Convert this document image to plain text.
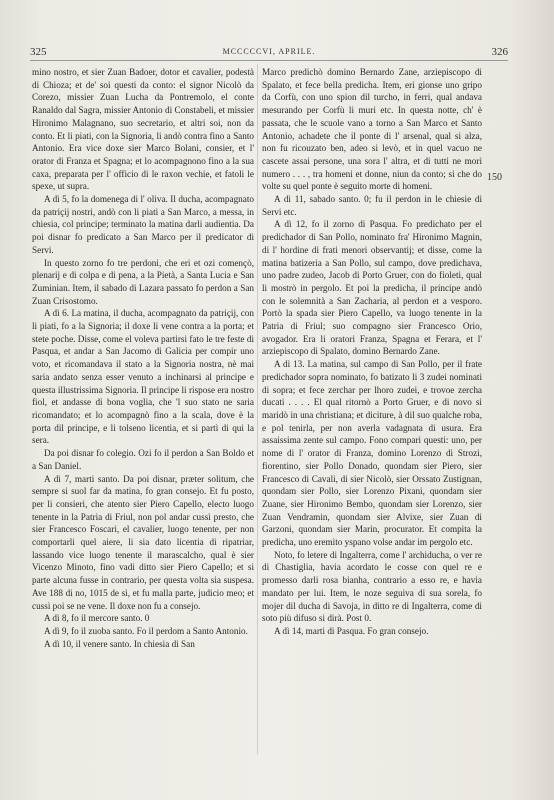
325	MCCCCCVI, APRILE.	326

mino nostro, et sier Zuan Badoer, dotor et cavalier, podestà di Chioza; et de' soi questi da conto: el signor Nicolò da Corezo, missier Zuan Lucha da Pontremolo, el conte Ranaldo dal Sagra, missier Antonio di Constabeli, et missier Hironimo Malagnano, suo secretario, et altri soi, non da conto. Et li piati, con la Signoria, li andò contra fino a Santo Antonio. Era vice doxe sier Marco Bolani, consier, et l' orator di Franza et Spagna; et lo acompagnono fino a la sua caxa, preparata per l' officio di le raxon vechie, et fatoli le spexe, ut supra.

A dì 5, fo la domenega di l' oliva. Il ducha, acompagnato da patriçij nostri, andò con li piati a San Marco, a messa, in chiesia, col principe; terminato la matina darli audientia. Da poi disnar fo predicato a San Marco per il predicator di Servi.

In questo zorno fo tre perdoni, che eri et ozi començò, plenarij e di colpa e di pena, a la Pietà, a Santa Lucia e San Zuminian. Item, il sabado di Lazara passato fo perdon a San Zuan Crisostomo.

A dì 6. La matina, il ducha, acompagnato da patriçij, con li piati, fo a la Signoria; il doxe li vene contra a la porta; et stete poche. Disse, come el voleva partirsi fato le tre feste di Pasqua, et andar a San Jacomo di Galicia per compir uno voto, et ricomandava il stato a la Signoria nostra, nè mai saria andato senza esser venuto a inchinarsi al principe e questa illustrissima Signoria. Il principe li rispose era nostro fiol, et andasse di bona voglia, che 'l suo stato ne saria ricomandato; et lo acompagnò fino a la scala, dove è la porta dil principe, e li tolseno licentia, et si partì di qui la sera.

Da poi disnar fo colegio. Ozi fo il perdon a San Boldo et a San Daniel.

A dì 7, marti santo. Da poi disnar, præter solitum, che sempre si suol far da matina, fo gran consejo. Et fu posto, per li consieri, che atento sier Piero Capello, electo luogo tenente in la Patria di Friul, non pol andar cussì presto, che sier Francesco Foscari, el cavalier, luogo tenente, per non comportarli quel aiere, li sia dato licentia di ripatriar, lassando vice luogo tenente il marascalcho, qual è sier Vicenzo Minoto, fino vadi ditto sier Piero Capello; et si parte alcuna fusse in contrario, per questa volta sia suspesa. Ave 188 di no, 1015 de sì, et fu malla parte, judicio meo; et cussì poi se ne vene. Il doxe non fu a consejo.

A dì 8, fo il mercore santo. 0

A dì 9, fo il zuoba santo. Fo il perdom a Santo Antonio.

A dì 10, il venere santo. In chiesia di San

Marco predichò domino Bernardo Zane, arziepiscopo di Spalato, et fece bella predicha. Item, eri gionse uno gripo da Corfù, con uno spion dil turcho, in ferri, qual andava mesurando per Corfù li muri etc. In questa notte, ch' è passata, che le scuole vano a torno a San Marco et Santo Antonio, achadete che il ponte di l' arsenal, qual si alza, non fu ricouzato ben, adeo si levò, et in quel vacuo ne cascete assai persone, una sora l' altra, et di tutti ne morì numero . . . , tra homeni et donne, niun da conto; si che do volte su quel ponte è seguito morte di homeni.

A dì 11, sabado santo. 0; fu il perdon in le chiesie di Servi etc.

A dì 12, fo il zorno di Pasqua. Fo predichato per el predichador di San Pollo, nominato fra' Hironimo Magnin, di l' hordine di frati menori observantij; et disse, come la matina batizeria a San Pollo, sul campo, dove predichava, uno padre zudeo, Jacob di Porto Gruer, con do fioleti, qual li mostrò in pergolo. Et poi la predicha, il principe andò con le solemnità a San Zacharia, al perdon et a vesporo. Portò la spada sier Piero Capello, va luogo tenente in la Patria di Friul; suo compagno sier Francesco Orio, avogador. Era li oratori Franza, Spagna et Ferara, et l' arziepiscopo di Spalato, domino Bernardo Zane.

A dì 13. La matina, sul campo di San Pollo, per il frate predichador sopra nominato, fo batizato li 3 zudei nominati di sopra; et fece zerchar per lhoro zudei, e trovoe zercha ducati . . . . El qual ritornò a Porto Gruer, e di novo si maridò in una christiana; et diciture, à dil suo qualche roba, e pol tenirla, per non averla vadagnata di usura. Era assaissima zente sul campo. Fono compari questi: uno, per nome di l' orator di Franza, domino Lorenzo di Strozi, fiorentino, sier Pollo Donado, quondam sier Piero, sier Francesco di Cavali, di sier Nicolò, sier Orssato Zustignan, quondam sier Pollo, sier Lorenzo Pixani, quondam sier Zuane, sier Hironimo Bembo, quondam sier Lorenzo, sier Zuan Vendramin, quondam sier Alvixe, sier Zuan di Garzoni, quondam sier Marin, procurator. Et compita la predicha, uno eremito yspano volse andar im pergolo etc.

Noto, fo letere di Ingalterra, come l' archiducha, o ver re di Chastiglia, havia acordato le cosse con quel re e promesso darli rosa bianha, contrario a esso re, e havia mandato per lui. Item, le noze seguiva di sua sorela, fo mojer dil ducha di Savoja, in ditto re di Ingalterra, come di soto più difuso si dirà. Post 0.

A dì 14, marti di Pasqua. Fo gran consejo.

150
